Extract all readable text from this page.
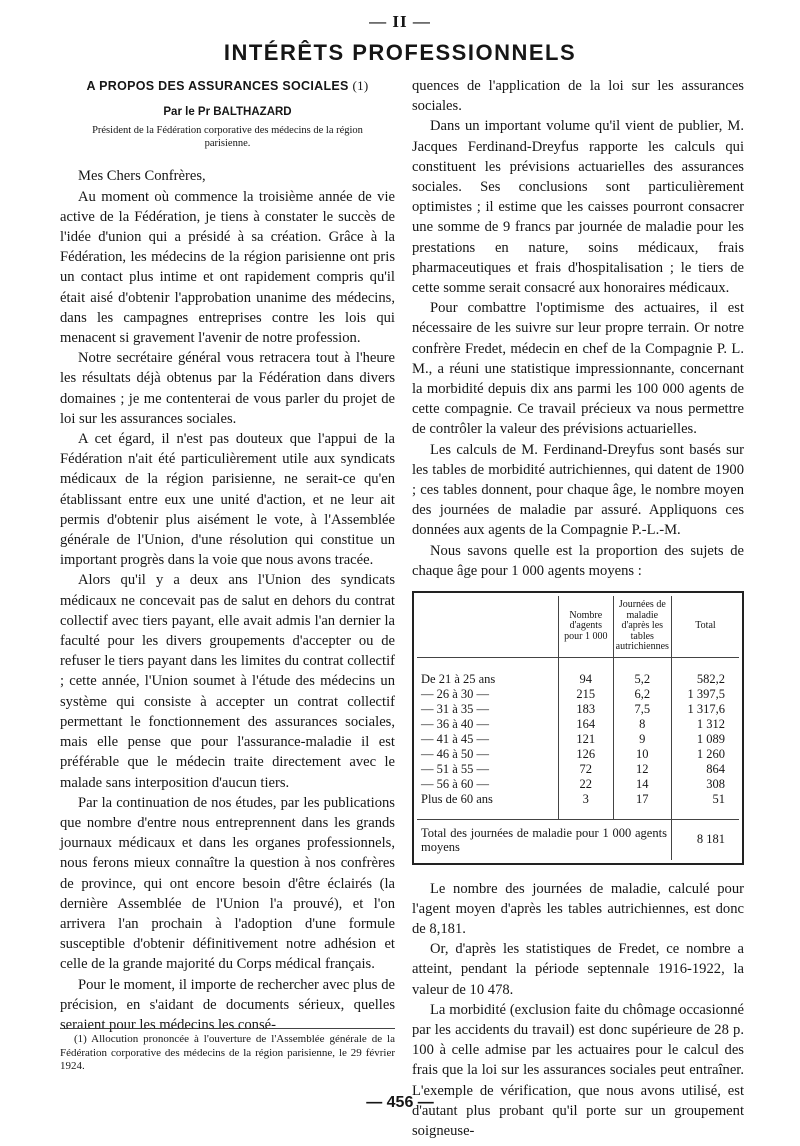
— II —
INTÉRÊTS PROFESSIONNELS
A PROPOS DES ASSURANCES SOCIALES (1)
Par le Pr BALTHAZARD
Président de la Fédération corporative des médecins de la région parisienne.

Mes Chers Confrères,

Au moment où commence la troisième année de vie active de la Fédération, je tiens à constater le succès de l'idée d'union qui a présidé à sa création. Grâce à la Fédération, les médecins de la région parisienne ont pris un contact plus intime et ont rapidement compris qu'il était aisé d'obtenir l'approbation unanime des médecins, dans les campagnes entreprises contre les lois qui menacent si gravement l'avenir de notre profession.

Notre secrétaire général vous retracera tout à l'heure les résultats déjà obtenus par la Fédération dans divers domaines ; je me contenterai de vous parler du projet de loi sur les assurances sociales.

A cet égard, il n'est pas douteux que l'appui de la Fédération n'ait été particulièrement utile aux syndicats médicaux de la région parisienne, ne serait-ce qu'en établissant entre eux une unité d'action, et ne leur ait permis d'obtenir plus aisément le vote, à l'Assemblée générale de l'Union, d'une résolution qui constitue un important progrès dans la voie que nous avons tracée.

Alors qu'il y a deux ans l'Union des syndicats médicaux ne concevait pas de salut en dehors du contrat collectif avec tiers payant, elle avait admis l'an dernier la faculté pour les divers groupements d'accepter ou de refuser le tiers payant dans les limites du contrat collectif ; cette année, l'Union soumet à l'étude des médecins un système qui consiste à accepter un contrat collectif permettant le fonctionnement des assurances sociales, mais elle pense que pour l'assurance-maladie il est préférable que le médecin traite directement avec le malade sans interposition d'aucun tiers.

Par la continuation de nos études, par les publications que nombre d'entre nous entreprennent dans les grands journaux médicaux et dans les organes professionnels, nous ferons mieux connaître la question à nos confrères de province, qui ont encore besoin d'être éclairés (la dernière Assemblée de l'Union l'a prouvé), et l'on arrivera l'an prochain à l'adoption d'une formule susceptible d'obtenir définitivement notre adhésion et celle de la grande majorité du Corps médical français.

Pour le moment, il importe de rechercher avec plus de précision, en s'aidant de documents sérieux, quelles seraient pour les médecins les consé-

quences de l'application de la loi sur les assurances sociales.

Dans un important volume qu'il vient de publier, M. Jacques Ferdinand-Dreyfus rapporte les calculs qui constituent les prévisions actuarielles des assurances sociales. Ses conclusions sont particulièrement optimistes ; il estime que les caisses pourront consacrer une somme de 9 francs par journée de maladie pour les prestations en nature, soins médicaux, frais pharmaceutiques et frais d'hospitalisation ; le tiers de cette somme serait consacré aux honoraires médicaux.

Pour combattre l'optimisme des actuaires, il est nécessaire de les suivre sur leur propre terrain. Or notre confrère Fredet, médecin en chef de la Compagnie P. L. M., a réuni une statistique impressionnante, concernant la morbidité depuis dix ans parmi les 100 000 agents de cette compagnie. Ce travail précieux va nous permettre de contrôler la valeur des prévisions actuarielles.

Les calculs de M. Ferdinand-Dreyfus sont basés sur les tables de morbidité autrichiennes, qui datent de 1900 ; ces tables donnent, pour chaque âge, le nombre moyen des journées de maladie par assuré. Appliquons ces données aux agents de la Compagnie P.-L.-M.

Nous savons quelle est la proportion des sujets de chaque âge pour 1 000 agents moyens :

	Nombre d'agents pour 1 000	Journées de maladie d'après les tables autrichiennes	Total

De 21 à 25 ans	94	5,2	582,2
— 26 à 30 —	215	6,2	1 397,5
— 31 à 35 —	183	7,5	1 317,6
— 36 à 40 —	164	8	1 312
— 41 à 45 —	121	9	1 089
— 46 à 50 —	126	10	1 260
— 51 à 55 —	72	12	864
— 56 à 60 —	22	14	308
Plus de 60 ans	3	17	51

Total des journées de maladie pour 1 000 agents moyens			8 181

Le nombre des journées de maladie, calculé pour l'agent moyen d'après les tables autrichiennes, est donc de 8,181.

Or, d'après les statistiques de Fredet, ce nombre a atteint, pendant la période septennale 1916-1922, la valeur de 10 478.

La morbidité (exclusion faite du chômage occasionné par les accidents du travail) est donc supérieure de 28 p. 100 à celle admise par les actuaires pour le calcul des frais que la loi sur les assurances sociales peut entraîner. L'exemple de vérification, que nous avons utilisé, est d'autant plus probant qu'il porte sur un groupement soigneuse-

(1) Allocution prononcée à l'ouverture de l'Assemblée générale de la Fédération corporative des médecins de la région parisienne, le 29 février 1924.
— 456 —
